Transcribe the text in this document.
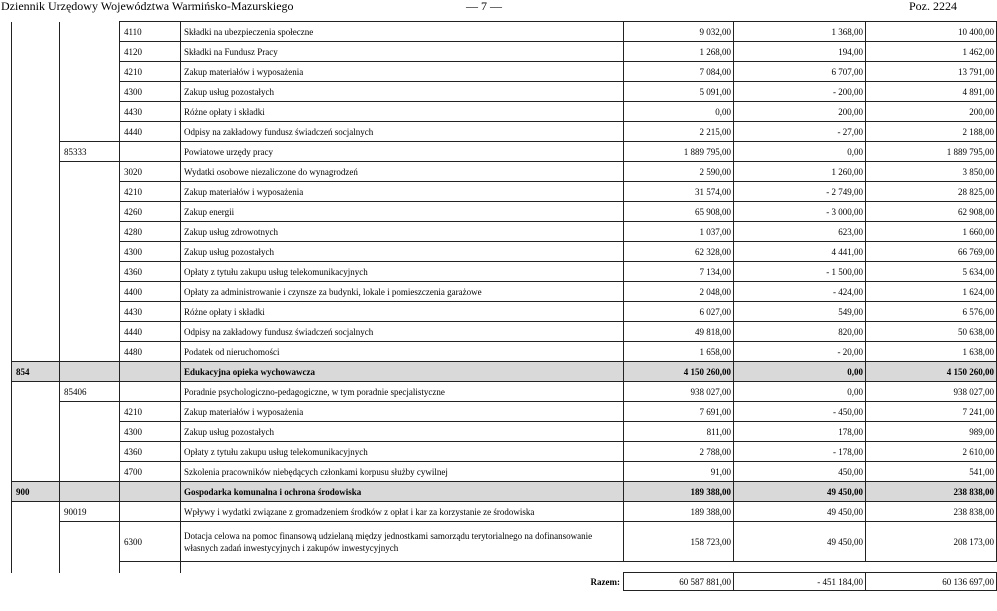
Dziennik Urzędowy Województwa Warmińsko-Mazurskiego	— 7 —	Poz. 2224
		4110	Składki na ubezpieczenia społeczne	9 032,00	1 368,00	10 400,00
		4120	Składki na Fundusz Pracy	1 268,00	194,00	1 462,00
		4210	Zakup materiałów i wyposażenia	7 084,00	6 707,00	13 791,00
		4300	Zakup usług pozostałych	5 091,00	- 200,00	4 891,00
		4430	Różne opłaty i składki	0,00	200,00	200,00
		4440	Odpisy na zakładowy fundusz świadczeń socjalnych	2 215,00	- 27,00	2 188,00
	85333		Powiatowe urzędy pracy	1 889 795,00	0,00	1 889 795,00
		3020	Wydatki osobowe niezaliczone do wynagrodzeń	2 590,00	1 260,00	3 850,00
		4210	Zakup materiałów i wyposażenia	31 574,00	- 2 749,00	28 825,00
		4260	Zakup energii	65 908,00	- 3 000,00	62 908,00
		4280	Zakup usług zdrowotnych	1 037,00	623,00	1 660,00
		4300	Zakup usług pozostałych	62 328,00	4 441,00	66 769,00
		4360	Opłaty z tytułu zakupu usług telekomunikacyjnych	7 134,00	- 1 500,00	5 634,00
		4400	Opłaty za administrowanie i czynsze za budynki, lokale i pomieszczenia garażowe	2 048,00	- 424,00	1 624,00
		4430	Różne opłaty i składki	6 027,00	549,00	6 576,00
		4440	Odpisy na zakładowy fundusz świadczeń socjalnych	49 818,00	820,00	50 638,00
		4480	Podatek od nieruchomości	1 658,00	- 20,00	1 638,00
854			Edukacyjna opieka wychowawcza	4 150 260,00	0,00	4 150 260,00
	85406		Poradnie psychologiczno-pedagogiczne, w tym poradnie specjalistyczne	938 027,00	0,00	938 027,00
		4210	Zakup materiałów i wyposażenia	7 691,00	- 450,00	7 241,00
		4300	Zakup usług pozostałych	811,00	178,00	989,00
		4360	Opłaty z tytułu zakupu usług telekomunikacyjnych	2 788,00	- 178,00	2 610,00
		4700	Szkolenia pracowników niebędących członkami korpusu służby cywilnej	91,00	450,00	541,00
900			Gospodarka komunalna i ochrona środowiska	189 388,00	49 450,00	238 838,00
	90019		Wpływy i wydatki związane z gromadzeniem środków z opłat i kar za korzystanie ze środowiska	189 388,00	49 450,00	238 838,00
		6300	Dotacja celowa na pomoc finansową udzielaną między jednostkami samorządu terytorialnego na dofinansowanie własnych zadań inwestycyjnych i zakupów inwestycyjnych	158 723,00	49 450,00	208 173,00

			Razem:	60 587 881,00	- 451 184,00	60 136 697,00
